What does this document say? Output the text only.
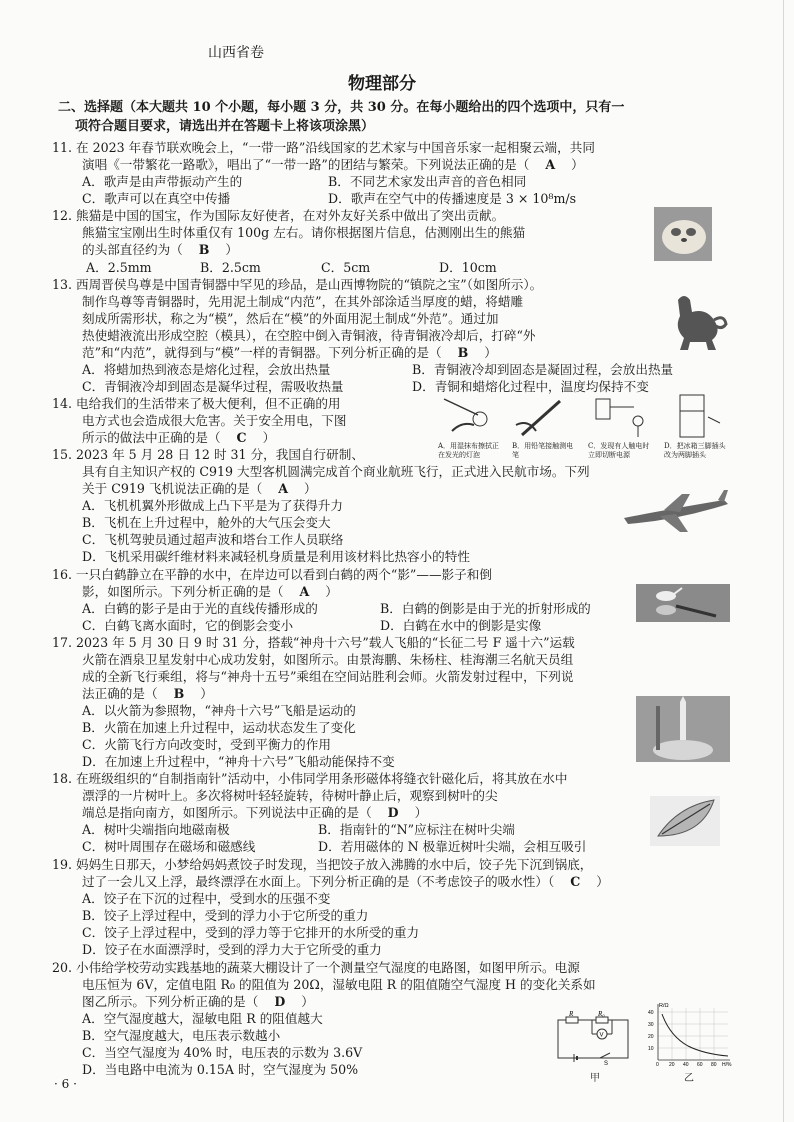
山西省卷
物理部分
二、选择题（本大题共 10 个小题，每小题 3 分，共 30 分。在每小题给出的四个选项中，只有一
项符合题目要求，请选出并在答题卡上将该项涂黑）
11. 在 2023 年春节联欢晚会上，“一带一路”沿线国家的艺术家与中国音乐家一起相聚云端，共同
演唱《一带繁花一路歌》，唱出了“一带一路”的团结与繁荣。下列说法正确的是（ A ）
A．歌声是由声带振动产生的	B．不同艺术家发出声音的音色相同
C．歌声可以在真空中传播	D．歌声在空气中的传播速度是 3 × 10⁸m/s
12. 熊猫是中国的国宝，作为国际友好使者，在对外友好关系中做出了突出贡献。
熊猫宝宝刚出生时体重仅有 100g 左右。请你根据图片信息，估测刚出生的熊猫
的头部直径约为（ B ）
A．2.5mm	B．2.5cm	C．5cm	D．10cm
13. 西周晋侯鸟尊是中国青铜器中罕见的珍品，是山西博物院的“镇院之宝”（如图所示）。
制作鸟尊等青铜器时，先用泥土制成“内范”，在其外部涂适当厚度的蜡，将蜡雕
刻成所需形状，称之为“模”，然后在“模”的外面用泥土制成“外范”。通过加
热使蜡液流出形成空腔（模具），在空腔中倒入青铜液，待青铜液冷却后，打碎“外
范”和“内范”，就得到与“模”一样的青铜器。下列分析正确的是（ B ）
A．将蜡加热到液态是熔化过程，会放出热量	B．青铜液冷却到固态是凝固过程，会放出热量
C．青铜液冷却到固态是凝华过程，需吸收热量	D．青铜和蜡熔化过程中，温度均保持不变
14. 电给我们的生活带来了极大便利，但不正确的用
电方式也会造成很大危害。关于安全用电，下图
所示的做法中正确的是（ C ）
A．用湿抹布擦拭正在发光的灯泡
B．用铅笔接触测电笔
C．发现有人触电时立即切断电源
D．把冰箱三脚插头改为两脚插头
15. 2023 年 5 月 28 日 12 时 31 分，我国自行研制、
具有自主知识产权的 C919 大型客机圆满完成首个商业航班飞行，正式进入民航市场。下列
关于 C919 飞机说法正确的是（ A ）
A．飞机机翼外形做成上凸下平是为了获得升力
B．飞机在上升过程中，舱外的大气压会变大
C．飞机驾驶员通过超声波和塔台工作人员联络
D．飞机采用碳纤维材料来减轻机身质量是利用该材料比热容小的特性
16. 一只白鹤静立在平静的水中，在岸边可以看到白鹤的两个“影”——影子和倒
影，如图所示。下列分析正确的是（ A ）
A．白鹤的影子是由于光的直线传播形成的	B．白鹤的倒影是由于光的折射形成的
C．白鹤飞离水面时，它的倒影会变小	D．白鹤在水中的倒影是实像
17. 2023 年 5 月 30 日 9 时 31 分，搭载“神舟十六号”载人飞船的“长征二号 F 遥十六”运载
火箭在酒泉卫星发射中心成功发射，如图所示。由景海鹏、朱杨柱、桂海潮三名航天员组
成的全新飞行乘组，将与“神舟十五号”乘组在空间站胜利会师。火箭发射过程中，下列说
法正确的是（ B ）
A．以火箭为参照物，“神舟十六号”飞船是运动的
B．火箭在加速上升过程中，运动状态发生了变化
C．火箭飞行方向改变时，受到平衡力的作用
D．在加速上升过程中，“神舟十六号”飞船动能保持不变
18. 在班级组织的“自制指南针”活动中，小伟同学用条形磁体将缝衣针磁化后，将其放在水中
漂浮的一片树叶上。多次将树叶轻轻旋转，待树叶静止后，观察到树叶的尖
端总是指向南方，如图所示。下列说法中正确的是（ D ）
A．树叶尖端指向地磁南极	B．指南针的“N”应标注在树叶尖端
C．树叶周围存在磁场和磁感线	D．若用磁体的 N 极靠近树叶尖端，会相互吸引
19. 妈妈生日那天，小梦给妈妈煮饺子时发现，当把饺子放入沸腾的水中后，饺子先下沉到锅底，
过了一会儿又上浮，最终漂浮在水面上。下列分析正确的是（不考虑饺子的吸水性）（ C ）
A．饺子在下沉的过程中，受到水的压强不变
B．饺子上浮过程中，受到的浮力小于它所受的重力
C．饺子上浮过程中，受到的浮力等于它排开的水所受的重力
D．饺子在水面漂浮时，受到的浮力大于它所受的重力
20. 小伟给学校劳动实践基地的蔬菜大棚设计了一个测量空气湿度的电路图，如图甲所示。电源
电压恒为 6V，定值电阻 R₀ 的阻值为 20Ω，湿敏电阻 R 的阻值随空气湿度 H 的变化关系如
图乙所示。下列分析正确的是（ D ）
A．空气湿度越大，湿敏电阻 R 的阻值越大
B．空气湿度越大，电压表示数越小
C．当空气湿度为 40% 时，电压表的示数为 3.6V
D．当电路中电流为 0.15A 时，空气湿度为 50%
R	R₀
V
S
甲
R/Ω
H/%
40
30
20
10
0 20 40 60 80
乙
· 6 ·
